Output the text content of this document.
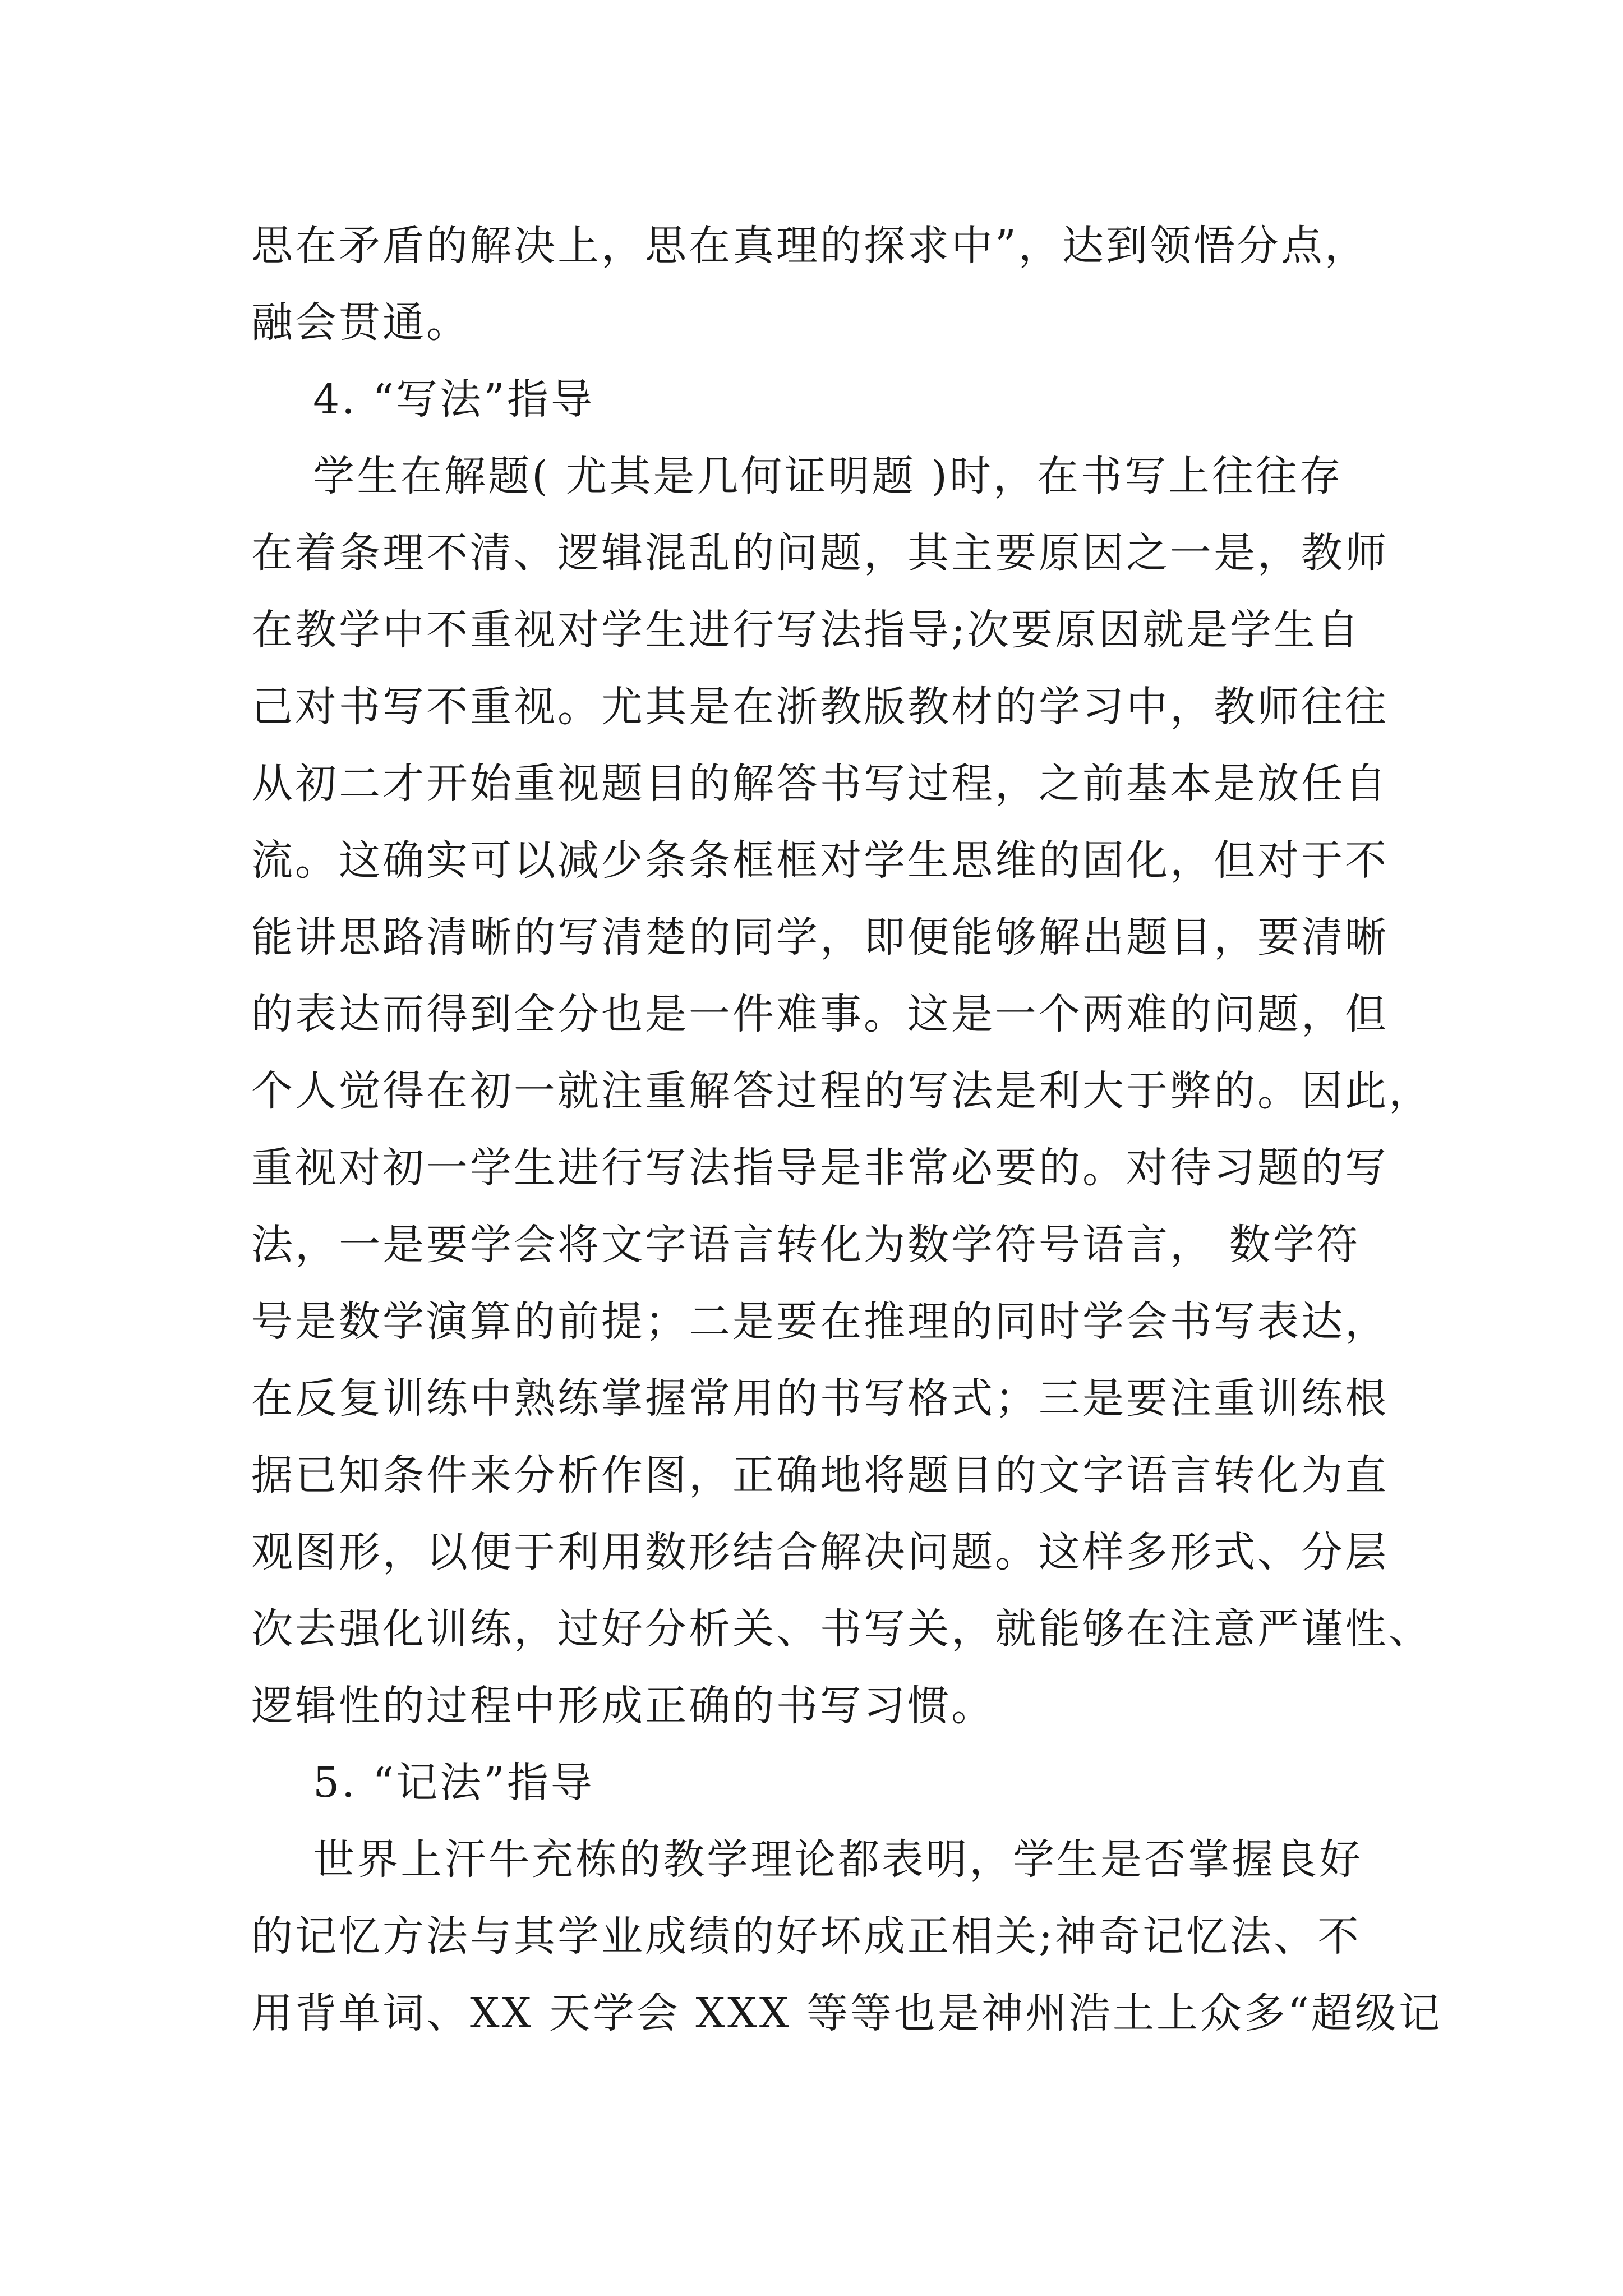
思在矛盾的解决上，思在真理的探求中”，达到领悟分点，
融会贯通。
4. “写法”指导
学生在解题( 尤其是几何证明题 )时，在书写上往往存
在着条理不清、逻辑混乱的问题，其主要原因之一是，教师
在教学中不重视对学生进行写法指导;次要原因就是学生自
己对书写不重视。尤其是在浙教版教材的学习中，教师往往
从初二才开始重视题目的解答书写过程，之前基本是放任自
流。这确实可以减少条条框框对学生思维的固化，但对于不
能讲思路清晰的写清楚的同学，即便能够解出题目，要清晰
的表达而得到全分也是一件难事。这是一个两难的问题，但
个人觉得在初一就注重解答过程的写法是利大于弊的。因此，
重视对初一学生进行写法指导是非常必要的。对待习题的写
法，一是要学会将文字语言转化为数学符号语言， 数学符
号是数学演算的前提；二是要在推理的同时学会书写表达，
在反复训练中熟练掌握常用的书写格式；三是要注重训练根
据已知条件来分析作图，正确地将题目的文字语言转化为直
观图形，以便于利用数形结合解决问题。这样多形式、分层
次去强化训练，过好分析关、书写关，就能够在注意严谨性、
逻辑性的过程中形成正确的书写习惯。
5. “记法”指导
世界上汗牛充栋的教学理论都表明，学生是否掌握良好
的记忆方法与其学业成绩的好坏成正相关;神奇记忆法、不
用背单词、XX 天学会 XXX 等等也是神州浩土上众多“超级记
